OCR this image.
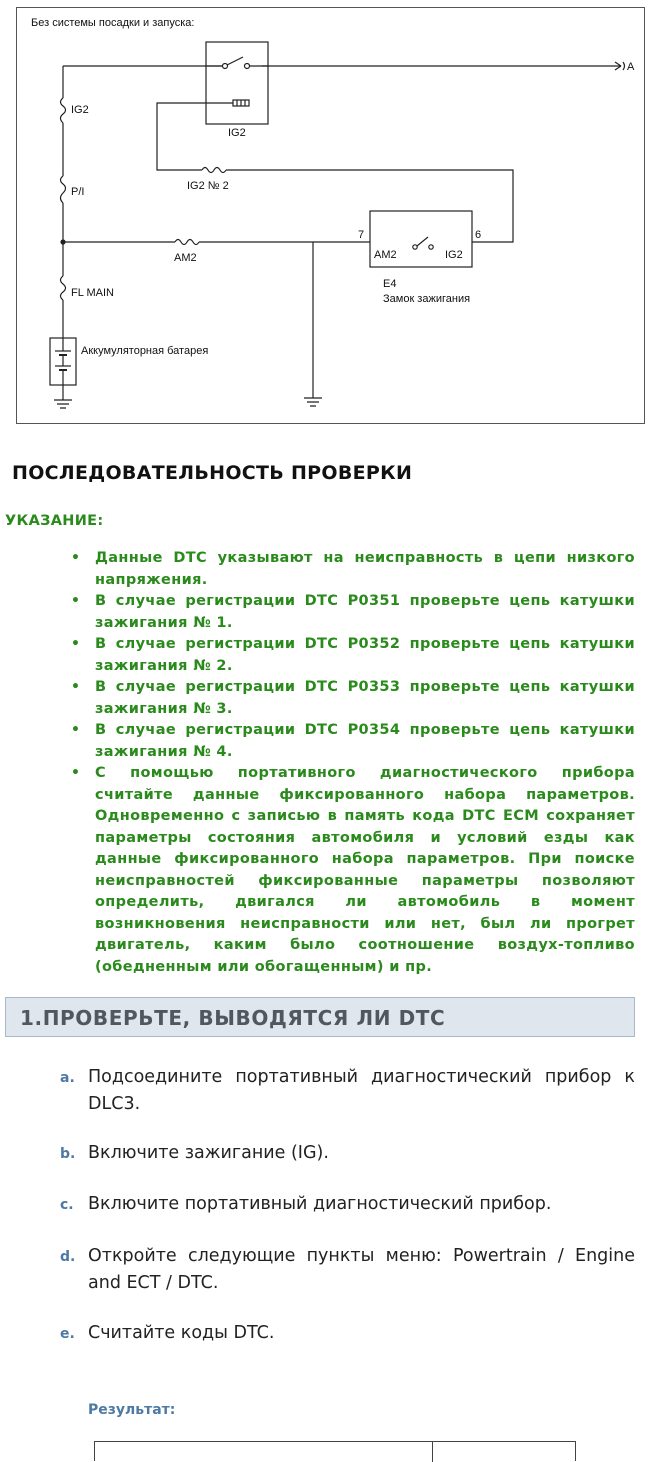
Без системы посадки и запуска:
IG2
P/I
FL MAIN
A
IG2
IG2 № 2
AM2
7	6
AM2	IG2
E4
Замок зажигания
Аккумуляторная батарея
ПОСЛЕДОВАТЕЛЬНОСТЬ ПРОВЕРКИ
УКАЗАНИЕ:
• Данные DTC указывают на неисправность в цепи низкого напряжения.
• В случае регистрации DTC P0351 проверьте цепь катушки зажигания № 1.
• В случае регистрации DTC P0352 проверьте цепь катушки зажигания № 2.
• В случае регистрации DTC P0353 проверьте цепь катушки зажигания № 3.
• В случае регистрации DTC P0354 проверьте цепь катушки зажигания № 4.
• С помощью портативного диагностического прибора считайте данные фиксированного набора параметров. Одновременно с записью в память кода DTC ECM сохраняет параметры состояния автомобиля и условий езды как данные фиксированного набора параметров. При поиске неисправностей фиксированные параметры позволяют определить, двигался ли автомобиль в момент возникновения неисправности или нет, был ли прогрет двигатель, каким было соотношение воздух-топливо (обедненным или обогащенным) и пр.
1.ПРОВЕРЬТЕ, ВЫВОДЯТСЯ ЛИ DTC
a. Подсоедините портативный диагностический прибор к DLC3.
b. Включите зажигание (IG).
c. Включите портативный диагностический прибор.
d. Откройте следующие пункты меню: Powertrain / Engine and ECT / DTC.
e. Считайте коды DTC.
Результат:
